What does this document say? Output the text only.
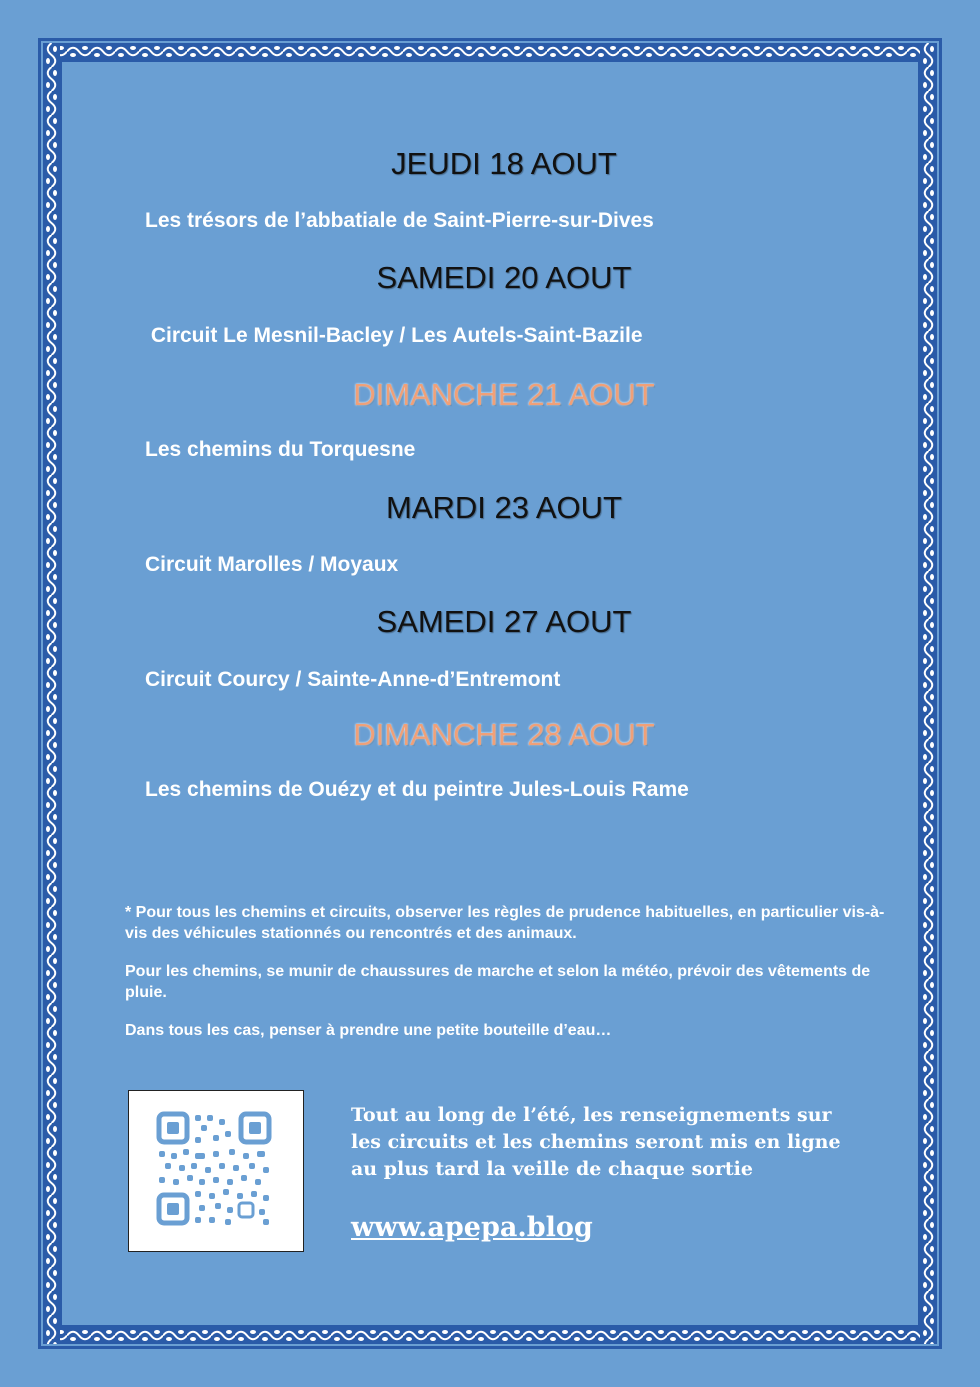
JEUDI 18 AOUT
Les trésors de l’abbatiale de Saint-Pierre-sur-Dives
SAMEDI 20 AOUT
Circuit Le Mesnil-Bacley / Les Autels-Saint-Bazile
DIMANCHE 21 AOUT
Les chemins du Torquesne
MARDI 23 AOUT
Circuit Marolles / Moyaux
SAMEDI 27 AOUT
Circuit Courcy / Sainte-Anne-d’Entremont
DIMANCHE 28 AOUT
Les chemins de Ouézy et du peintre Jules-Louis Rame

* Pour tous les chemins et circuits, observer les règles de prudence habituelles, en particulier vis-à-vis des véhicules stationnés ou rencontrés et des animaux.

Pour les chemins, se munir de chaussures de marche et selon la météo, prévoir des vêtements de pluie.

Dans tous les cas, penser à prendre une petite bouteille d’eau…

Tout au long de l’été, les renseignements sur les circuits et les chemins seront mis en ligne au plus tard la veille de chaque sortie
www.apepa.blog
